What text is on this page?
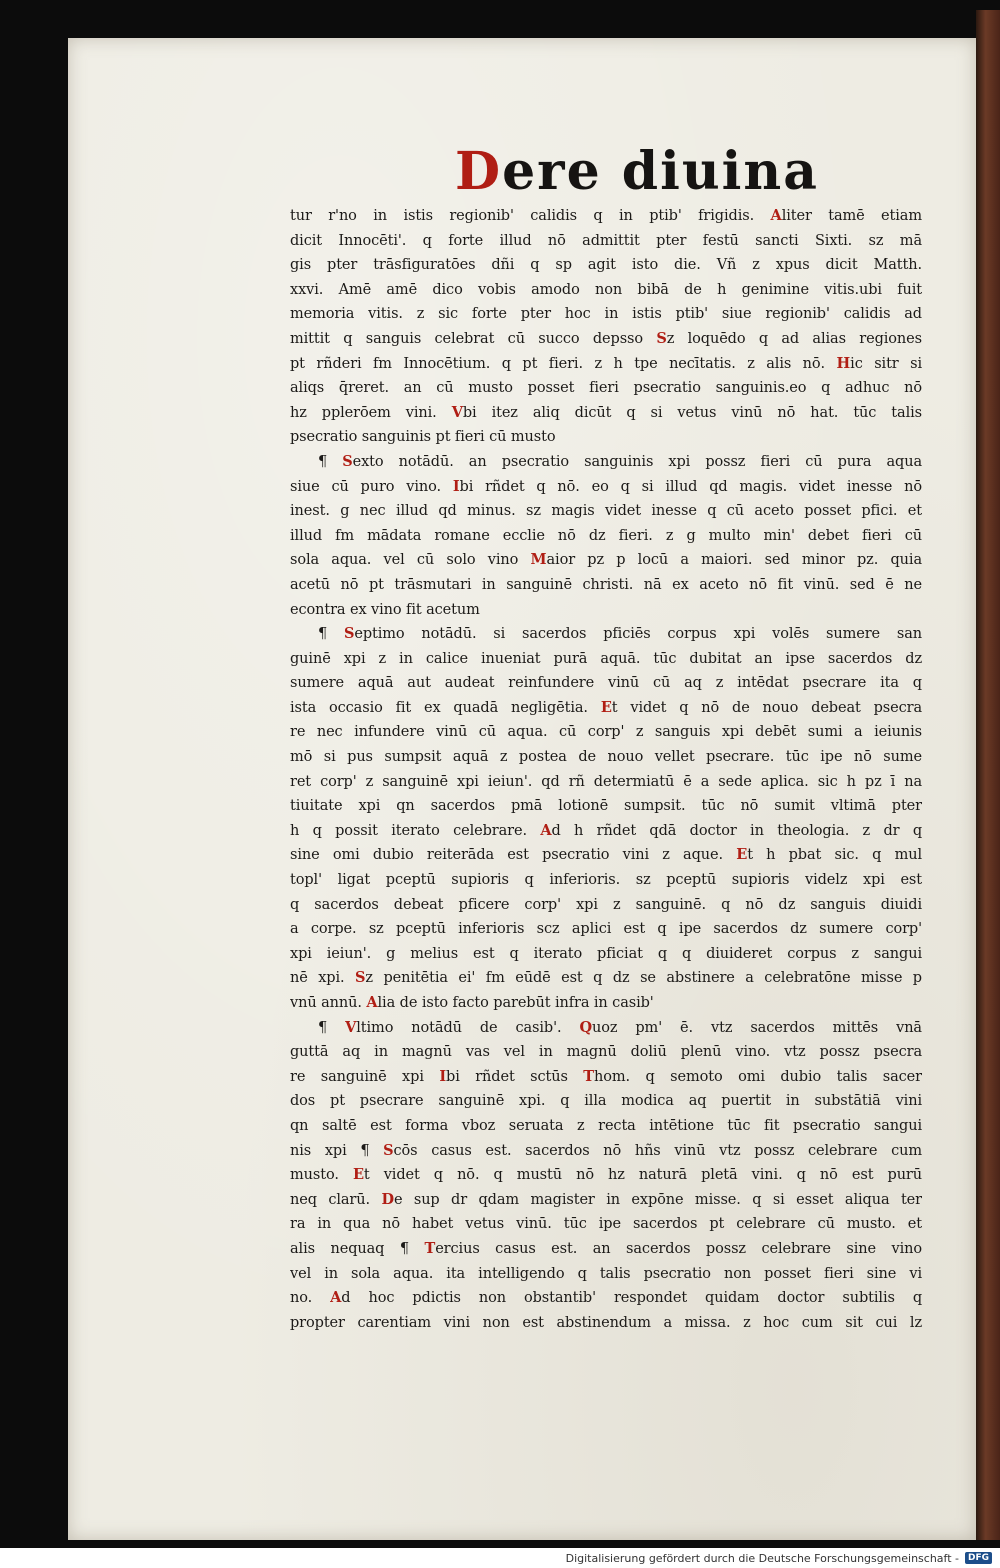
Dere diuina
tur r'no in istis regionib' calidis q in ptib' frigidis. Aliter tamē etiam
dicit Innocēti'. q forte illud nō admittit pter festū sancti Sixti. sz mā
gis pter trāsfiguratōes dñi q sp agit isto die. Vñ z xpus dicit Matth.
xxvi. Amē amē dico vobis amodo non bibā de h genimine vitis.ubi fuit
memoria vitis. z sic forte pter hoc in istis ptib' siue regionib' calidis ad
mittit q sanguis celebrat cū succo depsso Sz loquēdo q ad alias regiones
pt rñderi fm Innocētium. q pt fieri. z h tpe necītatis. z alis nō. Hic sitr si
aliqs q̄reret. an cū musto posset fieri psecratio sanguinis.eo q adhuc nō
hz pplerōem vini. Vbi itez aliq dicūt q si vetus vinū nō hat. tūc talis
psecratio sanguinis pt fieri cū musto
¶ Sexto notādū. an psecratio sanguinis xpi possz fieri cū pura aqua
siue cū puro vino. Ibi rñdet q nō. eo q si illud qd magis. videt inesse nō
inest. g nec illud qd minus. sz magis videt inesse q cū aceto posset pfici. et
illud fm mādata romane ecclie nō dz fieri. z g multo min' debet fieri cū
sola aqua. vel cū solo vino Maior pz p locū a maiori. sed minor pz. quia
acetū nō pt trāsmutari in sanguinē christi. nā ex aceto nō fit vinū. sed ē ne
econtra ex vino fit acetum
¶ Septimo notādū. si sacerdos pficiēs corpus xpi volēs sumere san
guinē xpi z in calice inueniat purā aquā. tūc dubitat an ipse sacerdos dz
sumere aquā aut audeat reinfundere vinū cū aq z intēdat psecrare ita q
ista occasio fit ex quadā negligētia. Et videt q nō de nouo debeat psecra
re nec infundere vinū cū aqua. cū corp' z sanguis xpi debēt sumi a ieiunis
mō si pus sumpsit aquā z postea de nouo vellet psecrare. tūc ipe nō sume
ret corp' z sanguinē xpi ieiun'. qd rñ determiatū ē a sede aplica. sic h pz ī na
tiuitate xpi qn sacerdos pmā lotionē sumpsit. tūc nō sumit vltimā pter
h q possit iterato celebrare. Ad h rñdet qdā doctor in theologia. z dr q
sine omi dubio reiterāda est psecratio vini z aque. Et h pbat sic. q mul
topl' ligat pceptū supioris q inferioris. sz pceptū supioris videlz xpi est
q sacerdos debeat pficere corp' xpi z sanguinē. q nō dz sanguis diuidi
a corpe. sz pceptū inferioris scz aplici est q ipe sacerdos dz sumere corp'
xpi ieiun'. g melius est q iterato pficiat q q diuideret corpus z sangui
nē xpi. Sz penitētia ei' fm eūdē est q dz se abstinere a celebratōne misse p
vnū annū. Alia de isto facto parebūt infra in casib'
¶ Vltimo notādū de casib'. Quoz pm' ē. vtz sacerdos mittēs vnā
guttā aq in magnū vas vel in magnū doliū plenū vino. vtz possz psecra
re sanguinē xpi Ibi rñdet sctūs Thom. q semoto omi dubio talis sacer
dos pt psecrare sanguinē xpi. q illa modica aq puertit in substātiā vini
qn saltē est forma vboz seruata z recta intētione tūc fit psecratio sangui
nis xpi ¶ Scōs casus est. sacerdos nō hñs vinū vtz possz celebrare cum
musto. Et videt q nō. q mustū nō hz naturā pletā vini. q nō est purū
neq clarū. De sup dr qdam magister in expōne misse. q si esset aliqua ter
ra in qua nō habet vetus vinū. tūc ipe sacerdos pt celebrare cū musto. et
alis nequaq ¶ Tercius casus est. an sacerdos possz celebrare sine vino
vel in sola aqua. ita intelligendo q talis psecratio non posset fieri sine vi
no. Ad hoc pdictis non obstantib' respondet quidam doctor subtilis q
propter carentiam vini non est abstinendum a missa. z hoc cum sit cui lz
Digitalisierung gefördert durch die Deutsche Forschungsgemeinschaft -	DFG
